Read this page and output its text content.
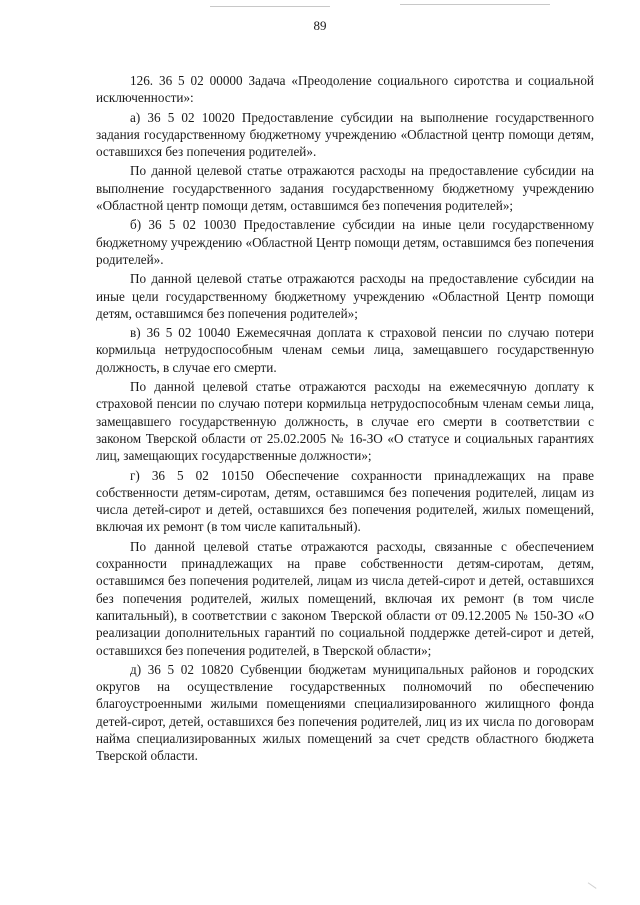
89

126. 36 5 02 00000 Задача «Преодоление социального сиротства и социальной исключенности»:

а) 36 5 02 10020 Предоставление субсидии на выполнение государственного задания государственному бюджетному учреждению «Областной центр помощи детям, оставшихся без попечения родителей».

По данной целевой статье отражаются расходы на предоставление субсидии на выполнение государственного задания государственному бюджетному учреждению «Областной центр помощи детям, оставшимся без попечения родителей»;

б) 36 5 02 10030 Предоставление субсидии на иные цели государственному бюджетному учреждению «Областной Центр помощи детям, оставшимся без попечения родителей».

По данной целевой статье отражаются расходы на предоставление субсидии на иные цели государственному бюджетному учреждению «Областной Центр помощи детям, оставшимся без попечения родителей»;

в) 36 5 02 10040 Ежемесячная доплата к страховой пенсии по случаю потери кормильца нетрудоспособным членам семьи лица, замещавшего государственную должность, в случае его смерти.

По данной целевой статье отражаются расходы на ежемесячную доплату к страховой пенсии по случаю потери кормильца нетрудоспособным членам семьи лица, замещавшего государственную должность, в случае его смерти в соответствии с законом Тверской области от 25.02.2005 № 16-ЗО «О статусе и социальных гарантиях лиц, замещающих государственные должности»;

г) 36 5 02 10150 Обеспечение сохранности принадлежащих на праве собственности детям-сиротам, детям, оставшимся без попечения родителей, лицам из числа детей-сирот и детей, оставшихся без попечения родителей, жилых помещений, включая их ремонт (в том числе капитальный).

По данной целевой статье отражаются расходы, связанные с обеспечением сохранности принадлежащих на праве собственности детям-сиротам, детям, оставшимся без попечения родителей, лицам из числа детей-сирот и детей, оставшихся без попечения родителей, жилых помещений, включая их ремонт (в том числе капитальный), в соответствии с законом Тверской области от 09.12.2005 № 150-ЗО «О реализации дополнительных гарантий по социальной поддержке детей-сирот и детей, оставшихся без попечения родителей, в Тверской области»;

д) 36 5 02 10820 Субвенции бюджетам муниципальных районов и городских округов на осуществление государственных полномочий по обеспечению благоустроенными жилыми помещениями специализированного жилищного фонда детей-сирот, детей, оставшихся без попечения родителей, лиц из их числа по договорам найма специализированных жилых помещений за счет средств областного бюджета Тверской области.
